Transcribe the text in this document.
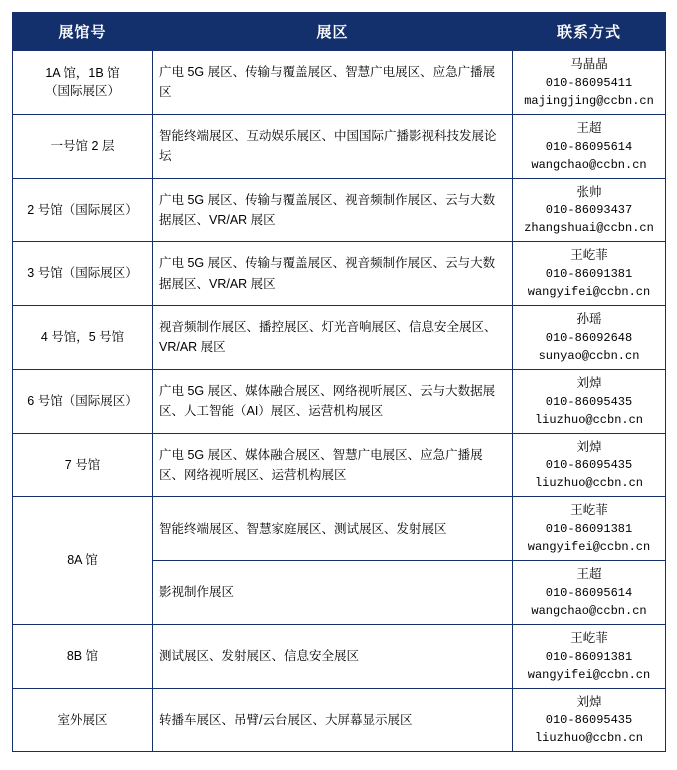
展馆号	展区	联系方式

1A 馆，1B 馆
（国际展区）
	广电 5G 展区、传输与覆盖展区、智慧广电展区、应急广播展区	
马晶晶
010-86095411
majingjing@ccbn.cn

一号馆 2 层	智能终端展区、互动娱乐展区、中国国际广播影视科技发展论坛	王超
010-86095614
wangchao@ccbn.cn

2 号馆（国际展区）	广电 5G 展区、传输与覆盖展区、视音频制作展区、云与大数据展区、VR/AR 展区	张帅
010-86093437
zhangshuai@ccbn.cn

3 号馆（国际展区）	广电 5G 展区、传输与覆盖展区、视音频制作展区、云与大数据展区、VR/AR 展区	王屹菲
010-86091381
wangyifei@ccbn.cn

4 号馆，5 号馆	视音频制作展区、播控展区、灯光音响展区、信息安全展区、VR/AR 展区	孙瑶
010-86092648
sunyao@ccbn.cn

6 号馆（国际展区）	广电 5G 展区、媒体融合展区、网络视听展区、云与大数据展区、人工智能（AI）展区、运营机构展区	刘焯
010-86095435
liuzhuo@ccbn.cn

7 号馆	广电 5G 展区、媒体融合展区、智慧广电展区、应急广播展区、网络视听展区、运营机构展区	刘焯
010-86095435
liuzhuo@ccbn.cn

8A 馆	智能终端展区、智慧家庭展区、测试展区、发射展区	王屹菲
010-86091381
wangyifei@ccbn.cn

	影视制作展区	王超
010-86095614
wangchao@ccbn.cn

8B 馆	测试展区、发射展区、信息安全展区	王屹菲
010-86091381
wangyifei@ccbn.cn

室外展区	转播车展区、吊臂/云台展区、大屏幕显示展区	刘焯
010-86095435
liuzhuo@ccbn.cn
